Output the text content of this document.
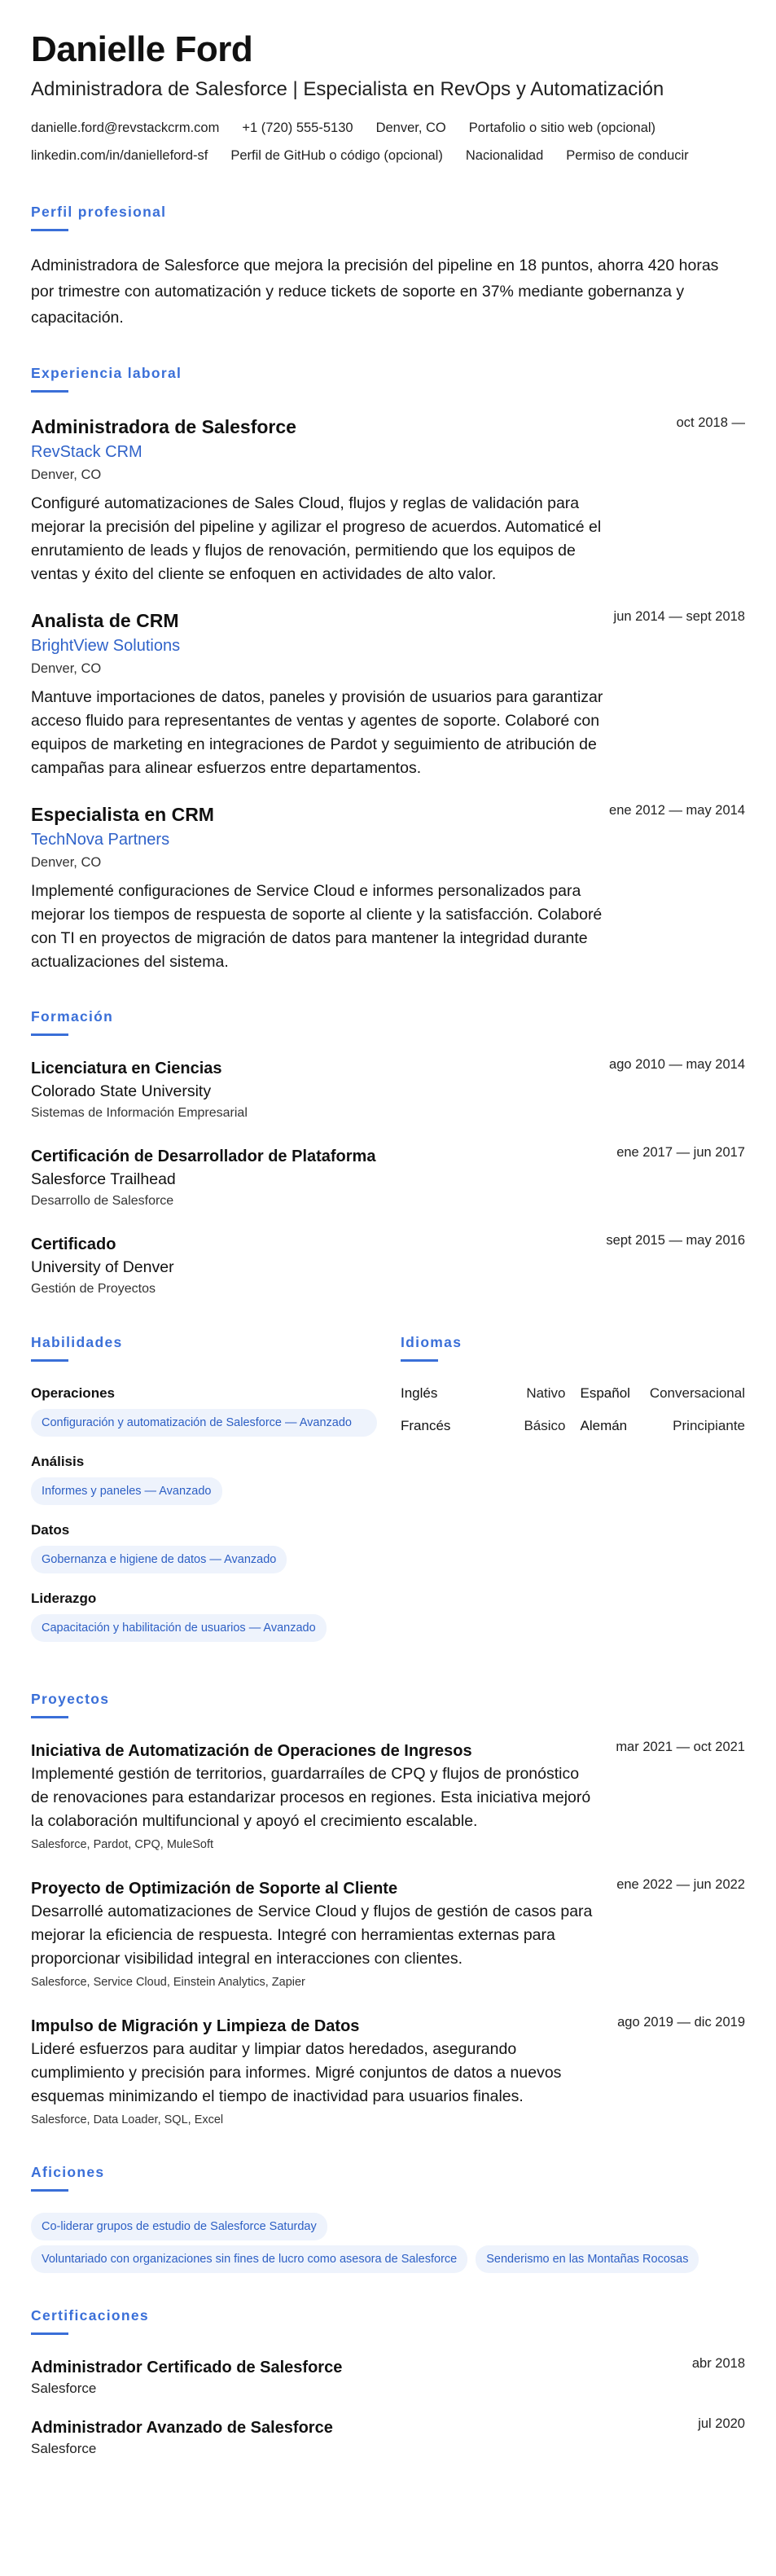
Danielle Ford
Administradora de Salesforce | Especialista en RevOps y Automatización
danielle.ford@revstackcrm.com +1 (720) 555-5130 Denver, CO Portafolio o sitio web (opcional)
linkedin.com/in/danielleford-sf Perfil de GitHub o código (opcional) Nacionalidad Permiso de conducir
Perfil profesional
Administradora de Salesforce que mejora la precisión del pipeline en 18 puntos, ahorra 420 horas por trimestre con automatización y reduce tickets de soporte en 37% mediante gobernanza y capacitación.
Experiencia laboral
oct 2018 —
Administradora de Salesforce
RevStack CRM
Denver, CO
Configuré automatizaciones de Sales Cloud, flujos y reglas de validación para mejorar la precisión del pipeline y agilizar el progreso de acuerdos. Automaticé el enrutamiento de leads y flujos de renovación, permitiendo que los equipos de ventas y éxito del cliente se enfoquen en actividades de alto valor.
jun 2014 — sept 2018
Analista de CRM
BrightView Solutions
Denver, CO
Mantuve importaciones de datos, paneles y provisión de usuarios para garantizar acceso fluido para representantes de ventas y agentes de soporte. Colaboré con equipos de marketing en integraciones de Pardot y seguimiento de atribución de campañas para alinear esfuerzos entre departamentos.
ene 2012 — may 2014
Especialista en CRM
TechNova Partners
Denver, CO
Implementé configuraciones de Service Cloud e informes personalizados para mejorar los tiempos de respuesta de soporte al cliente y la satisfacción. Colaboré con TI en proyectos de migración de datos para mantener la integridad durante actualizaciones del sistema.
Formación
ago 2010 — may 2014
Licenciatura en Ciencias
Colorado State University
Sistemas de Información Empresarial
ene 2017 — jun 2017
Certificación de Desarrollador de Plataforma
Salesforce Trailhead
Desarrollo de Salesforce
sept 2015 — may 2016
Certificado
University of Denver
Gestión de Proyectos
Habilidades
Operaciones
Configuración y automatización de Salesforce — Avanzado
Análisis
Informes y paneles — Avanzado
Datos
Gobernanza e higiene de datos — Avanzado
Liderazgo
Capacitación y habilitación de usuarios — Avanzado
Idiomas
Inglés	Nativo Español Conversacional
Francés	Básico Alemán	Principiante
Proyectos
mar 2021 — oct 2021
Iniciativa de Automatización de Operaciones de Ingresos
Implementé gestión de territorios, guardarraíles de CPQ y flujos de pronóstico de renovaciones para estandarizar procesos en regiones. Esta iniciativa mejoró la colaboración multifuncional y apoyó el crecimiento escalable.
Salesforce, Pardot, CPQ, MuleSoft
ene 2022 — jun 2022
Proyecto de Optimización de Soporte al Cliente
Desarrollé automatizaciones de Service Cloud y flujos de gestión de casos para mejorar la eficiencia de respuesta. Integré con herramientas externas para proporcionar visibilidad integral en interacciones con clientes.
Salesforce, Service Cloud, Einstein Analytics, Zapier
ago 2019 — dic 2019
Impulso de Migración y Limpieza de Datos
Lideré esfuerzos para auditar y limpiar datos heredados, asegurando cumplimiento y precisión para informes. Migré conjuntos de datos a nuevos esquemas minimizando el tiempo de inactividad para usuarios finales.
Salesforce, Data Loader, SQL, Excel
Aficiones
Co-liderar grupos de estudio de Salesforce Saturday
Voluntariado con organizaciones sin fines de lucro como asesora de Salesforce	Senderismo en las Montañas Rocosas
Certificaciones
abr 2018
Administrador Certificado de Salesforce
Salesforce
jul 2020
Administrador Avanzado de Salesforce
Salesforce
